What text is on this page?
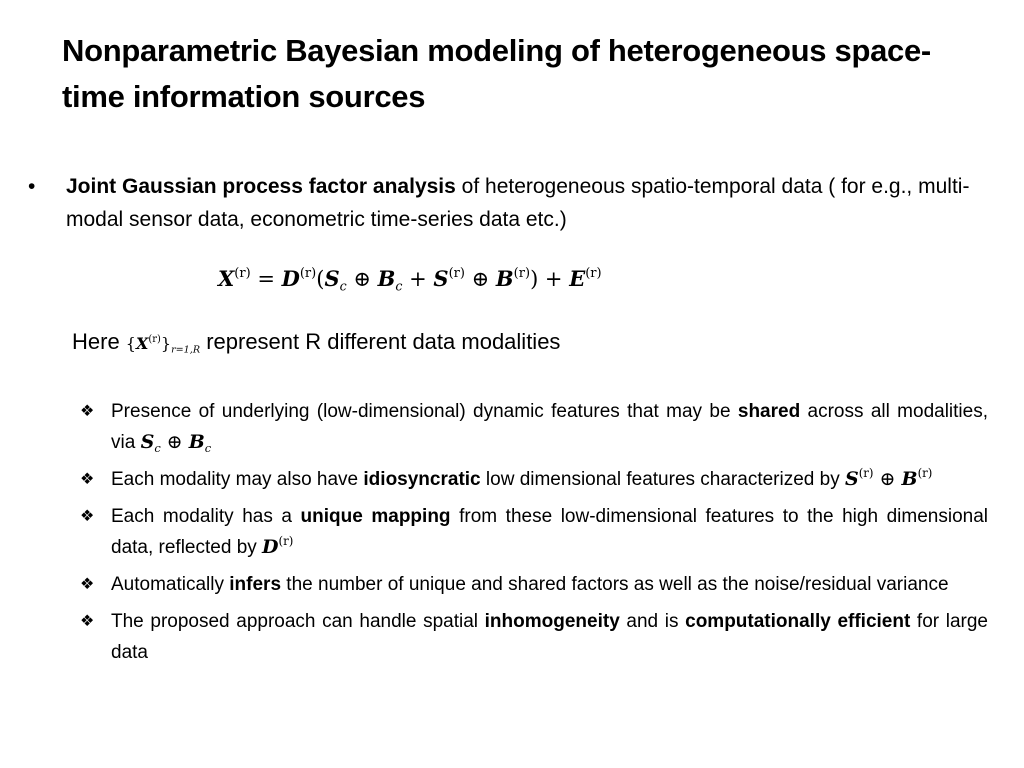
Nonparametric Bayesian modeling of heterogeneous space-time information sources
• Joint Gaussian process factor analysis of heterogeneous spatio-temporal data ( for e.g., multi-modal sensor data, econometric time-series data etc.)
$X^{(r)} = D^{(r)}(S_c$ ⊕ $B_c + S^{(r)}$ ⊕ $B^{(r)}) + E^{(r)}$
Here $\{X^{(r)}\}_{r=1,R}$ represent R different data modalities
❖ Presence of underlying (low-dimensional) dynamic features that may be shared across all modalities, via $S_c$ ⊕ $B_c$
❖ Each modality may also have idiosyncratic low dimensional features characterized by $S^{(r)}$ ⊕ $B^{(r)}$
❖ Each modality has a unique mapping from these low-dimensional features to the high dimensional data, reflected by $D^{(r)}$
❖ Automatically infers the number of unique and shared factors as well as the noise/residual variance
❖ The proposed approach can handle spatial inhomogeneity and is computationally efficient for large data
